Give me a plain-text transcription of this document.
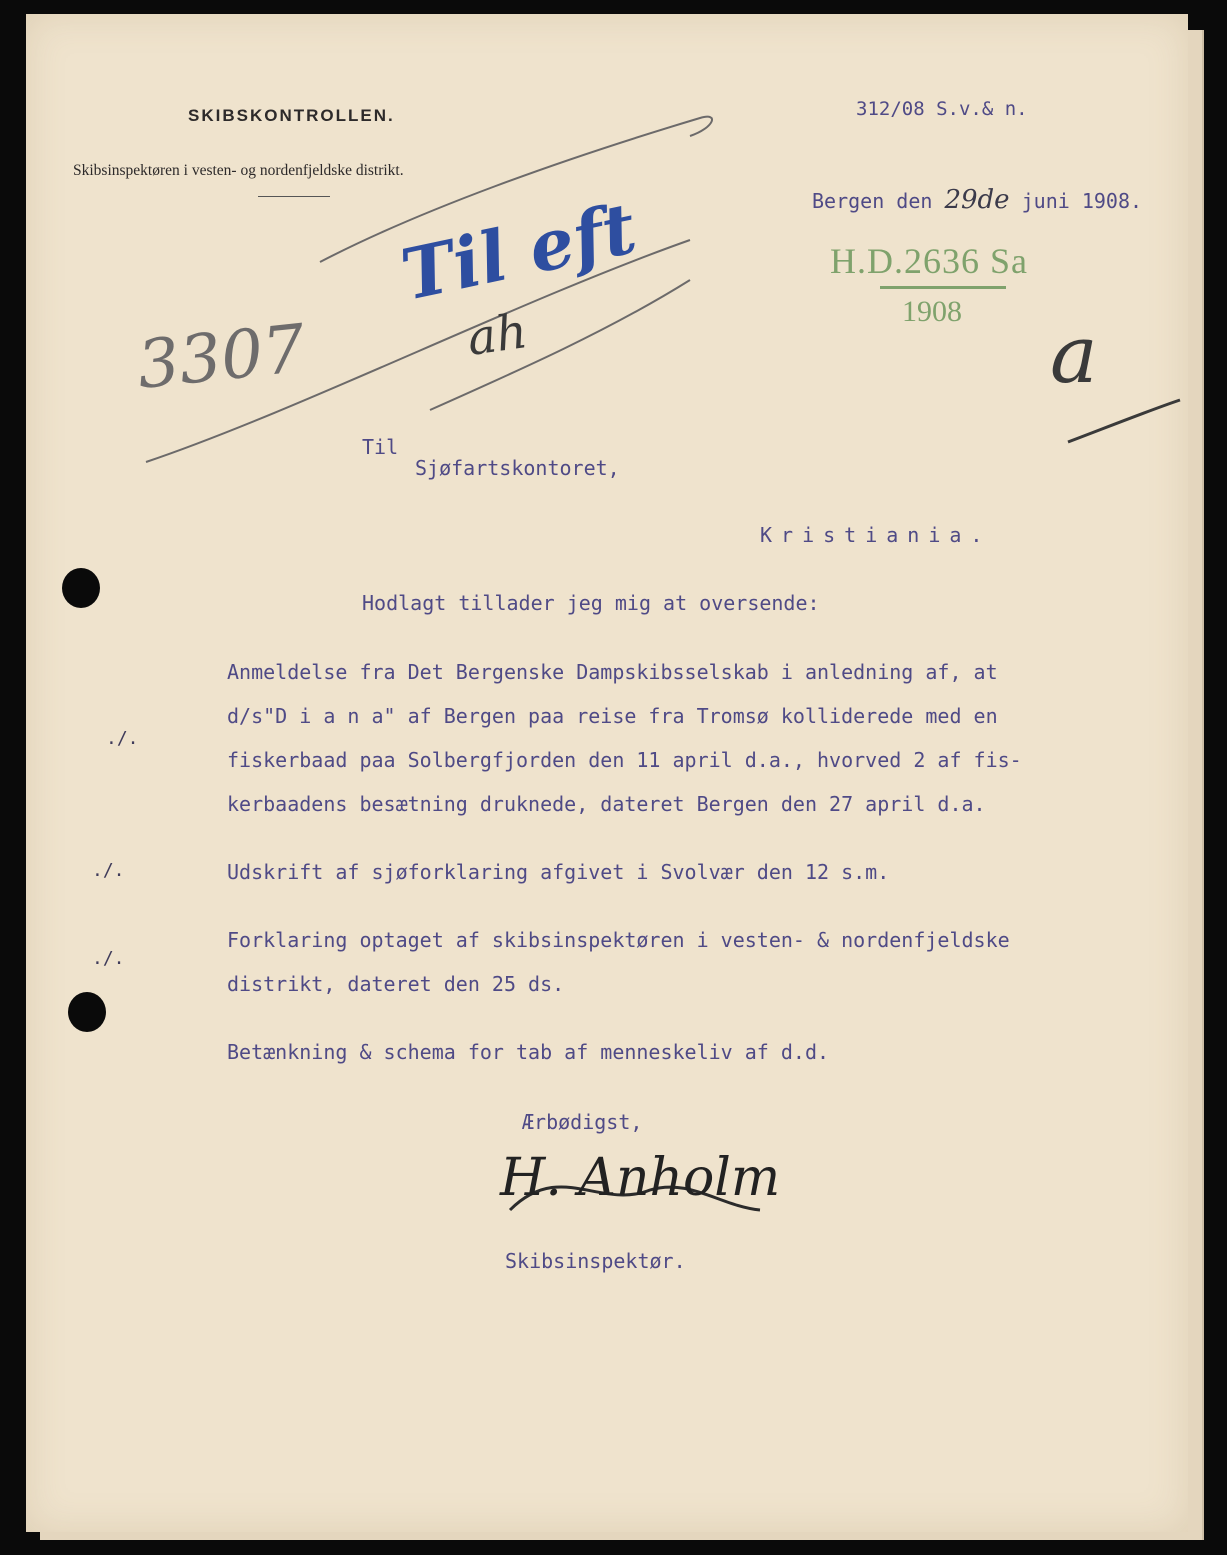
SKIBSKONTROLLEN.
Skibsinspektøren i vesten- og nordenfjeldske distrikt.
312/08 S.v.& n.
Bergen den 29de juni 1908.
H.D.2636 Sa
1908
3307
Til eft
ah	a
Til
Sjøfartskontoret,
Kristiania.
Hodlagt tillader jeg mig at oversende:
./.
Anmeldelse fra Det Bergenske Dampskibsselskab i anledning af, at
d/s"D i a n a" af Bergen paa reise fra Tromsø kolliderede med en
fiskerbaad paa Solbergfjorden den 11 april d.a., hvorved 2 af fis-
kerbaadens besætning druknede, dateret Bergen den 27 april d.a.
./.	Udskrift af sjøforklaring afgivet i Svolvær den 12 s.m.
./.
Forklaring optaget af skibsinspektøren i vesten- & nordenfjeldske
distrikt, dateret den 25 ds.
Betænkning & schema for tab af menneskeliv af d.d.
Ærbødigst,
H. Anholm
Skibsinspektør.
